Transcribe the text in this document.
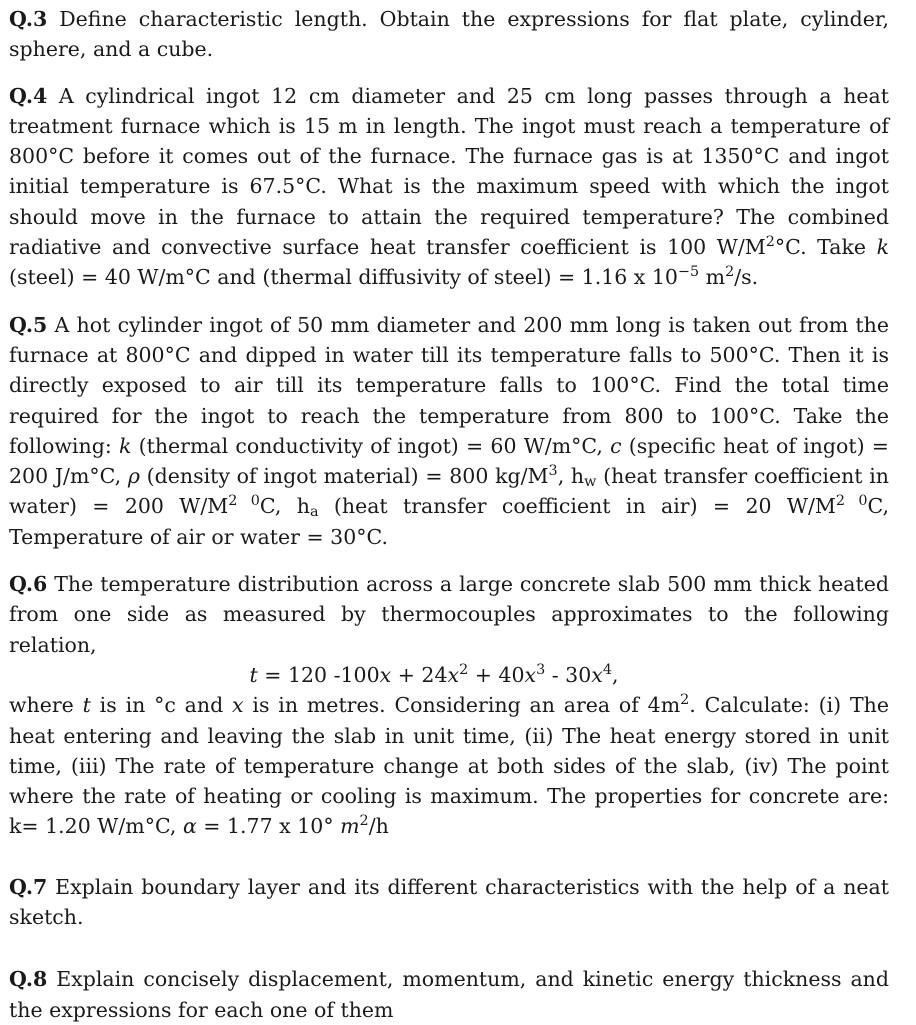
Q.3 Define characteristic length. Obtain the expressions for flat plate, cylinder, sphere, and a cube.

Q.4 A cylindrical ingot 12 cm diameter and 25 cm long passes through a heat treatment furnace which is 15 m in length. The ingot must reach a temperature of 800°C before it comes out of the furnace. The furnace gas is at 1350°C and ingot initial temperature is 67.5°C. What is the maximum speed with which the ingot should move in the furnace to attain the required temperature? The combined radiative and convective surface heat transfer coefficient is 100 $W/M^2^\circ C$. Take k (steel) = 40 W/m°C and (thermal diffusivity of steel) = 1.16 x $10^{-5}$ $m^2/s$.

Q.5 A hot cylinder ingot of 50 mm diameter and 200 mm long is taken out from the furnace at 800°C and dipped in water till its temperature falls to 500°C. Then it is directly exposed to air till its temperature falls to 100°C. Find the total time required for the ingot to reach the temperature from 800 to 100°C. Take the following: k (thermal conductivity of ingot) = 60 W/m°C, c (specific heat of ingot) = 200 J/m°C, ρ (density of ingot material) = 800 $kg/M^3$, $h_w$ (heat transfer coefficient in water) = 200 $W/M^{2 0}C$, $h_a$ (heat transfer coefficient in air) = 20 $W/M^{2 0}C$, Temperature of air or water = 30°C.

Q.6 The temperature distribution across a large concrete slab 500 mm thick heated from one side as measured by thermocouples approximates to the following relation,
t = 120 $-100x + 24x^2 + 40x^3 - 30x^4$,
where t is in °c and x is in metres. Considering an area of $4m^2$. Calculate: (i) The heat entering and leaving the slab in unit time, (ii) The heat energy stored in unit time, (iii) The rate of temperature change at both sides of the slab, (iv) The point where the rate of heating or cooling is maximum. The properties for concrete are: k= 1.20 W/m°C, α = 1.77 x 10° $m^2/h$

Q.7 Explain boundary layer and its different characteristics with the help of a neat sketch.

Q.8 Explain concisely displacement, momentum, and kinetic energy thickness and the expressions for each one of them
